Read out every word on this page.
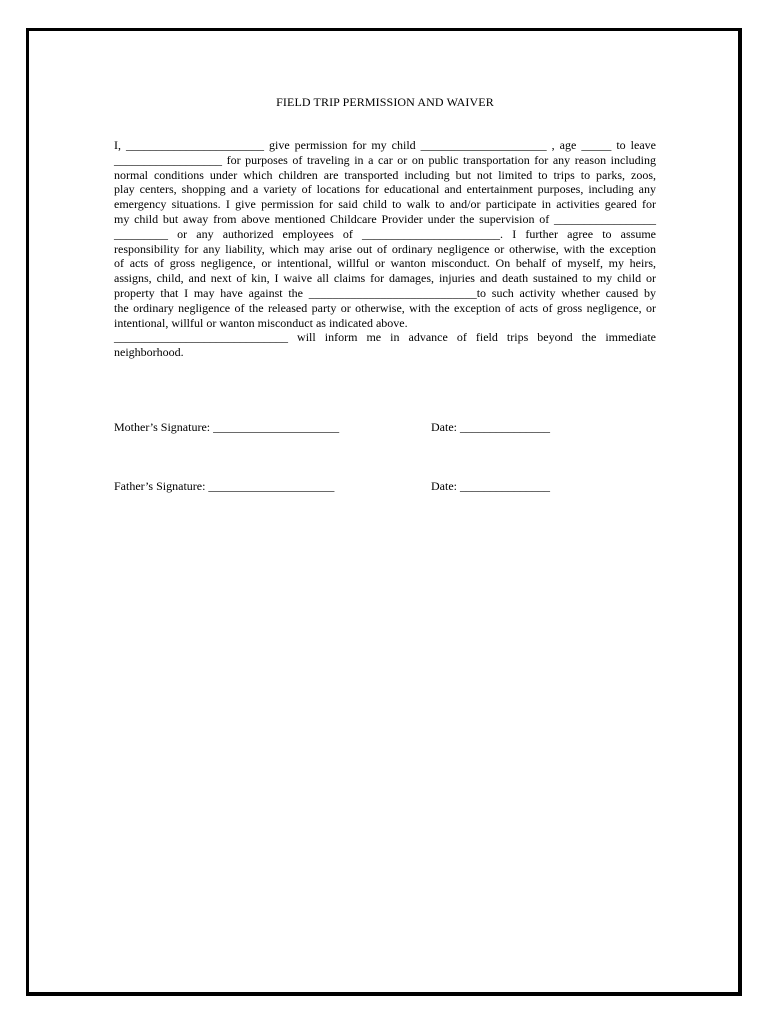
FIELD TRIP PERMISSION AND WAIVER
I, _______________________ give permission for my child _____________________ , age _____ to leave
__________________ for purposes of traveling in a car or on public transportation for any reason including
normal conditions under which children are transported including but not limited to trips to parks, zoos,
play centers, shopping and a variety of locations for educational and entertainment purposes, including any
emergency situations. I give permission for said child to walk to and/or participate in activities geared for
my child but away from above mentioned Childcare Provider under the supervision of _________________
_________ or any authorized employees of _______________________. I further agree to assume
responsibility for any liability, which may arise out of ordinary negligence or otherwise, with the exception
of acts of gross negligence, or intentional, willful or wanton misconduct. On behalf of myself, my heirs,
assigns, child, and next of kin, I waive all claims for damages, injuries and death sustained to my child or
property that I may have against the ____________________________to such activity whether caused by
the ordinary negligence of the released party or otherwise, with the exception of acts of gross negligence, or
intentional, willful or wanton misconduct as indicated above.
_____________________________ will inform me in advance of field trips beyond the immediate
neighborhood.
Mother’s Signature: _____________________	Date: _______________
Father’s Signature: _____________________	Date: _______________
